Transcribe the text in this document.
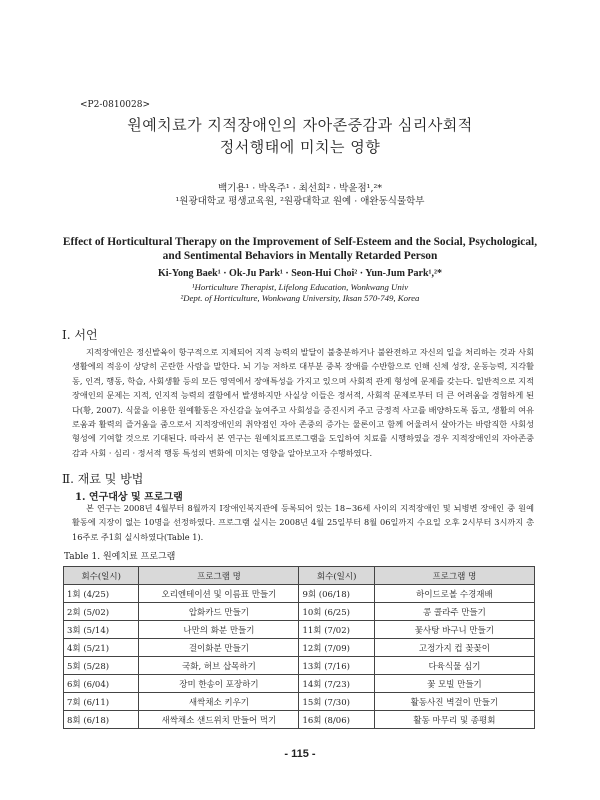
<P2-0810028>
원예치료가 지적장애인의 자아존중감과 심리사회적
정서행태에 미치는 영향
백기용¹ · 박옥주¹ · 최선희² · 박윤점¹,²*
¹원광대학교 평생교육원, ²원광대학교 원예 · 애완동식물학부
Effect of Horticultural Therapy on the Improvement of Self-Esteem and the Social, Psychological,
and Sentimental Behaviors in Mentally Retarded Person
Ki-Yong Baek¹ · Ok-Ju Park¹ · Seon-Hui Choi² · Yun-Jum Park¹,²*
¹Horticulture Therapist, Lifelong Education, Wonkwang Univ
²Dept. of Horticulture, Wonkwang University, Iksan 570-749, Korea
Ⅰ. 서언
지적장애인은 정신발육이 항구적으로 지체되어 지적 능력의 발달이 불충분하거나 불완전하고 자신의 일을 처리하는 것과 사회생활에의 적응이 상당히 곤란한 사람을 말한다. 뇌 기능 저하로 대부분 중복 장애를 수반함으로 인해 신체 성장, 운동능력, 지각활동, 인격, 행동, 학습, 사회생활 등의 모든 영역에서 장애특성을 가지고 있으며 사회적 관계 형성에 문제를 갖는다. 일반적으로 지적장애인의 문제는 지적, 인지적 능력의 결함에서 발생하지만 사실상 이들은 정서적, 사회적 문제로부터 더 큰 어려움을 경험하게 된다(황, 2007). 식물을 이용한 원예활동은 자신감을 높여주고 사회성을 증진시켜 주고 긍정적 사고를 배양하도록 돕고, 생활의 여유로움과 활력의 즐거움을 줌으로서 지적장애인의 취약점인 자아 존중의 증가는 물론이고 함께 어울려서 살아가는 바람직한 사회성 형성에 기여할 것으로 기대된다. 따라서 본 연구는 원예치료프로그램을 도입하여 치료를 시행하였을 경우 지적장애인의 자아존중감과 사회 · 심리 · 정서적 행동 특성의 변화에 미치는 영향을 알아보고자 수행하였다.
Ⅱ. 재료 및 방법
1. 연구대상 및 프로그램
본 연구는 2008년 4월부터 8월까지 I장애인복지관에 등록되어 있는 18~36세 사이의 지적장애인 및 뇌병변 장애인 중 원예활동에 지장이 없는 10명을 선정하였다. 프로그램 실시는 2008년 4월 25일부터 8월 06일까지 수요일 오후 2시부터 3시까지 총 16주로 주1회 실시하였다(Table 1).
Table 1. 원예치료 프로그램
회수(일시)	프로그램 명	회수(일시)	프로그램 명
1회 (4/25)	오리엔테이션 및 이름표 만들기	9회 (06/18)	하이드로볼 수경재배
2회 (5/02)	압화카드 만들기	10회 (6/25)	콩 콜라주 만들기
3회 (5/14)	나만의 화분 만들기	11회 (7/02)	꽃사탕 바구니 만들기
4회 (5/21)	걸이화분 만들기	12회 (7/09)	고정가지 컵 꽂꽂이
5회 (5/28)	국화, 허브 삽목하기	13회 (7/16)	다육식물 심기
6회 (6/04)	장미 한송이 포장하기	14회 (7/23)	꽃 모빌 만들기
7회 (6/11)	새싹채소 키우기	15회 (7/30)	활동사진 벽걸이 만들기
8회 (6/18)	새싹채소 샌드위치 만들어 먹기	16회 (8/06)	활동 마무리 및 종평회
- 115 -
